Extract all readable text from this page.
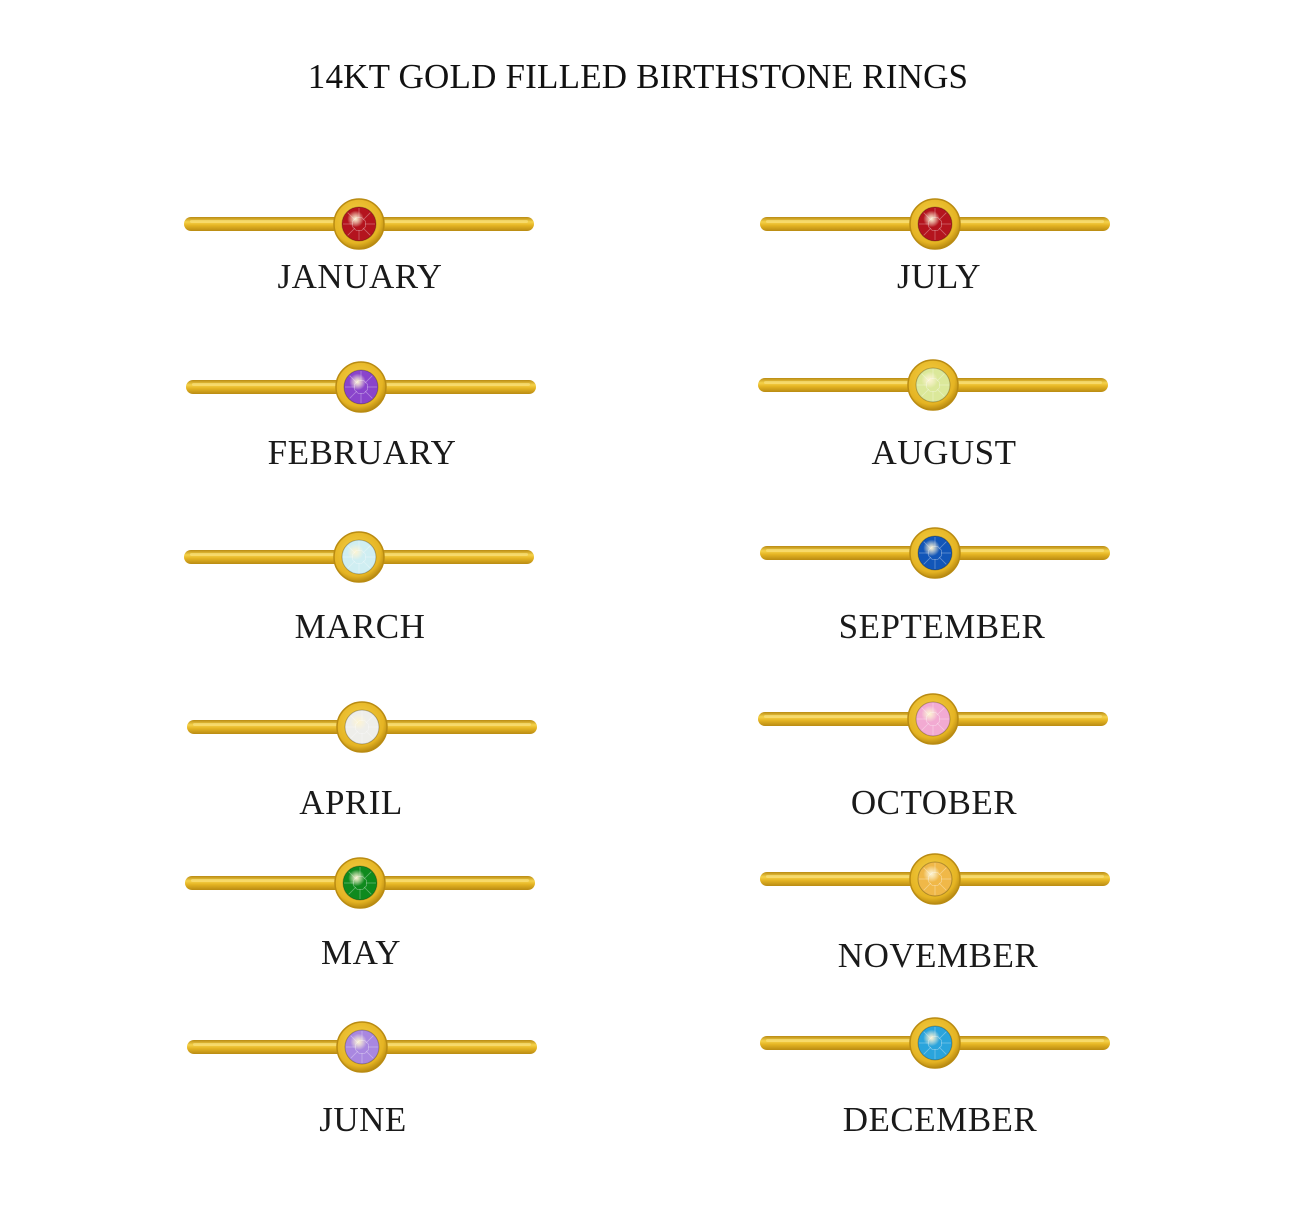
14KT GOLD FILLED BIRTHSTONE RINGS
JANUARY
FEBRUARY
MARCH
APRIL
MAY
JUNE
JULY
AUGUST
SEPTEMBER
OCTOBER
NOVEMBER
DECEMBER
